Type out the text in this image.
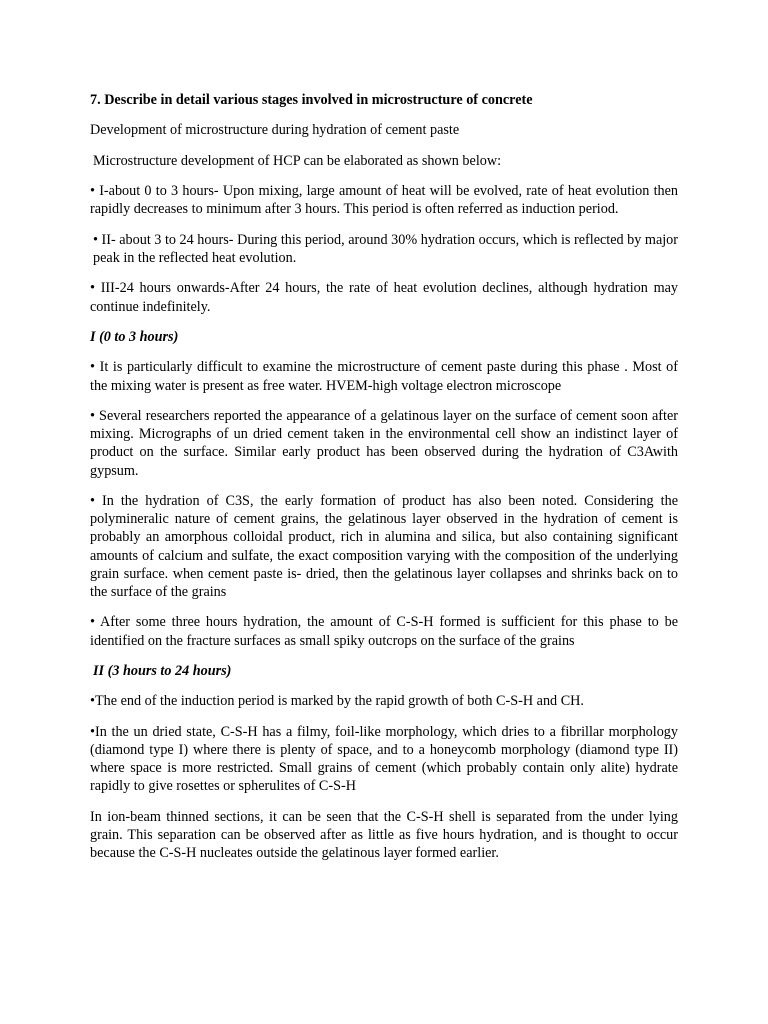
7. Describe in detail various stages involved in microstructure of concrete

Development of microstructure during hydration of cement paste

Microstructure development of HCP can be elaborated as shown below:

• I-about 0 to 3 hours- Upon mixing, large amount of heat will be evolved, rate of heat evolution then rapidly decreases to minimum after 3 hours. This period is often referred as induction period.

• II- about 3 to 24 hours- During this period, around 30% hydration occurs, which is reflected by major peak in the reflected heat evolution.

• III-24 hours onwards-After 24 hours, the rate of heat evolution declines, although hydration may continue indefinitely.

I (0 to 3 hours)

• It is particularly difficult to examine the microstructure of cement paste during this phase . Most of the mixing water is present as free water. HVEM-high voltage electron microscope

• Several researchers reported the appearance of a gelatinous layer on the surface of cement soon after mixing. Micrographs of un dried cement taken in the environmental cell show an indistinct layer of product on the surface. Similar early product has been observed during the hydration of C3Awith gypsum.

• In the hydration of C3S, the early formation of product has also been noted. Considering the polymineralic nature of cement grains, the gelatinous layer observed in the hydration of cement is probably an amorphous colloidal product, rich in alumina and silica, but also containing significant amounts of calcium and sulfate, the exact composition varying with the composition of the underlying grain surface. when cement paste is- dried, then the gelatinous layer collapses and shrinks back on to the surface of the grains

• After some three hours hydration, the amount of C-S-H formed is sufficient for this phase to be identified on the fracture surfaces as small spiky outcrops on the surface of the grains

II (3 hours to 24 hours)

•The end of the induction period is marked by the rapid growth of both C-S-H and CH.

•In the un dried state, C-S-H has a filmy, foil-like morphology, which dries to a fibrillar morphology (diamond type I) where there is plenty of space, and to a honeycomb morphology (diamond type II) where space is more restricted. Small grains of cement (which probably contain only alite) hydrate rapidly to give rosettes or spherulites of C-S-H

In ion-beam thinned sections, it can be seen that the C-S-H shell is separated from the under lying grain. This separation can be observed after as little as five hours hydration, and is thought to occur because the C-S-H nucleates outside the gelatinous layer formed earlier.
